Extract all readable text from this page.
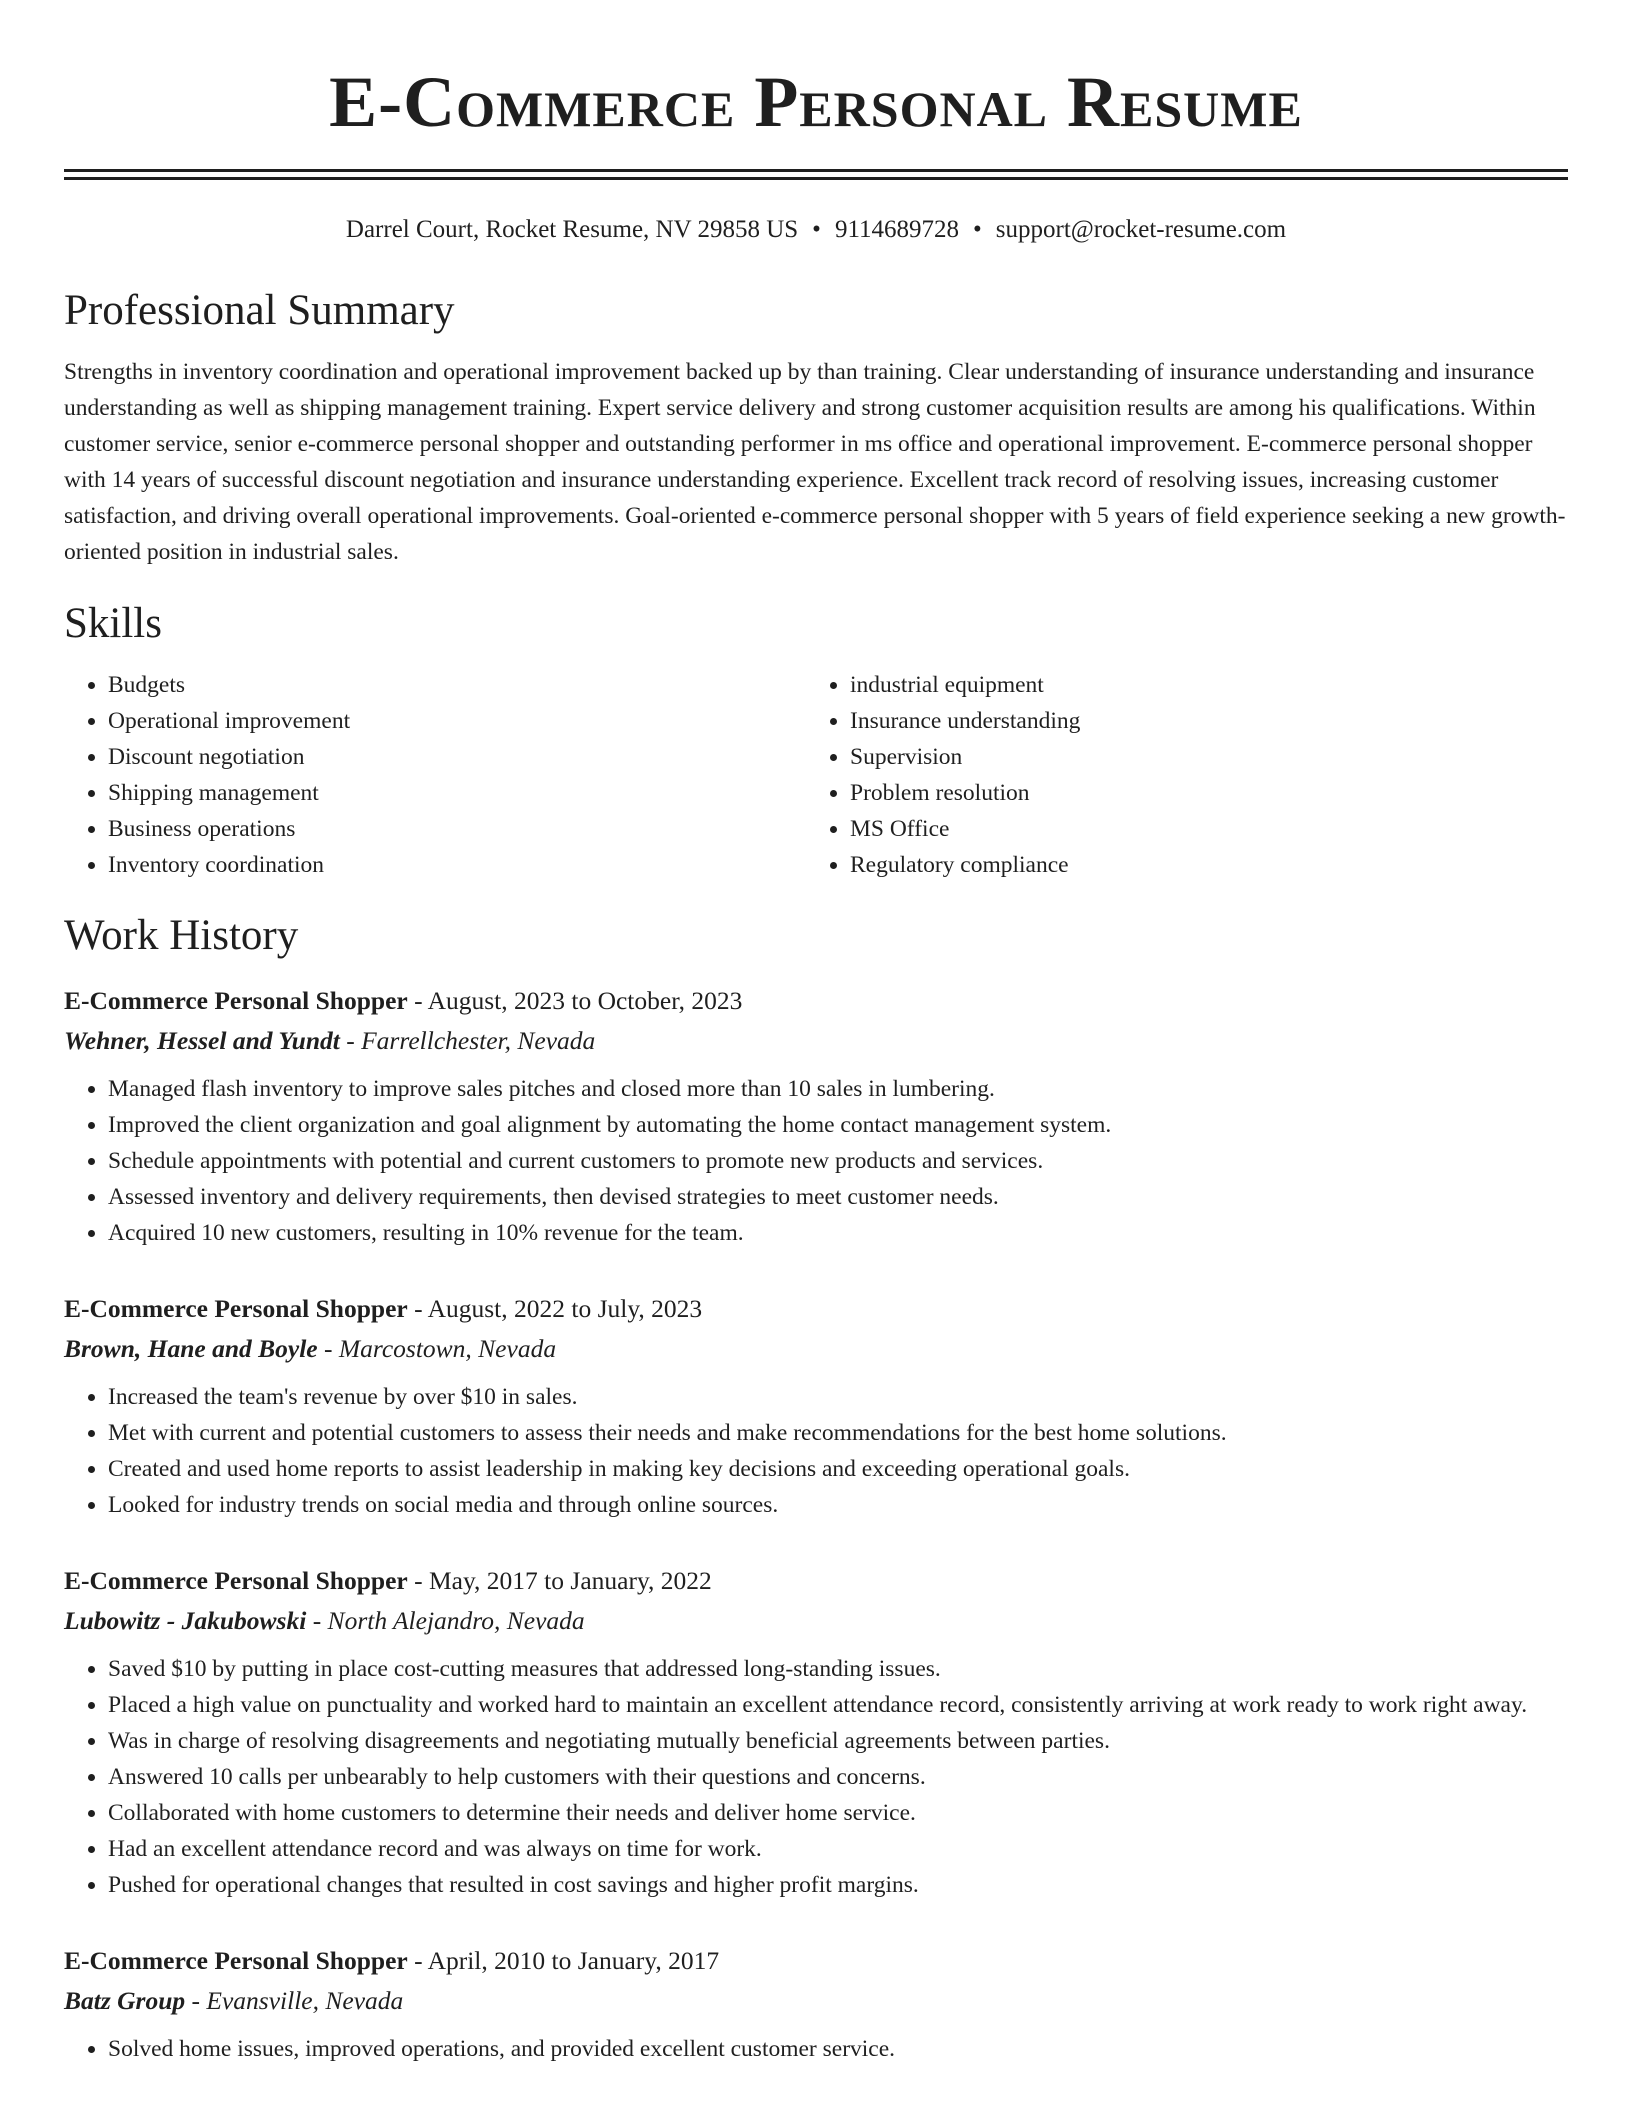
E-Commerce Personal Resume
Darrel Court, Rocket Resume, NV 29858 US • 9114689728 • support@rocket-resume.com
Professional Summary

Strengths in inventory coordination and operational improvement backed up by than training. Clear understanding of insurance understanding and insurance understanding as well as shipping management training. Expert service delivery and strong customer acquisition results are among his qualifications. Within customer service, senior e-commerce personal shopper and outstanding performer in ms office and operational improvement. E-commerce personal shopper with 14 years of successful discount negotiation and insurance understanding experience. Excellent track record of resolving issues, increasing customer satisfaction, and driving overall operational improvements. Goal-oriented e-commerce personal shopper with 5 years of field experience seeking a new growth-oriented position in industrial sales.

Skills
• Budgets
• Operational improvement
• Discount negotiation
• Shipping management
• Business operations
• Inventory coordination
• industrial equipment
• Insurance understanding
• Supervision
• Problem resolution
• MS Office
• Regulatory compliance
Work History
E-Commerce Personal Shopper - August, 2023 to October, 2023
Wehner, Hessel and Yundt - Farrellchester, Nevada
• Managed flash inventory to improve sales pitches and closed more than 10 sales in lumbering.
• Improved the client organization and goal alignment by automating the home contact management system.
• Schedule appointments with potential and current customers to promote new products and services.
• Assessed inventory and delivery requirements, then devised strategies to meet customer needs.
• Acquired 10 new customers, resulting in 10% revenue for the team.
E-Commerce Personal Shopper - August, 2022 to July, 2023
Brown, Hane and Boyle - Marcostown, Nevada
• Increased the team's revenue by over $10 in sales.
• Met with current and potential customers to assess their needs and make recommendations for the best home solutions.
• Created and used home reports to assist leadership in making key decisions and exceeding operational goals.
• Looked for industry trends on social media and through online sources.
E-Commerce Personal Shopper - May, 2017 to January, 2022
Lubowitz - Jakubowski - North Alejandro, Nevada
• Saved $10 by putting in place cost-cutting measures that addressed long-standing issues.
• Placed a high value on punctuality and worked hard to maintain an excellent attendance record, consistently arriving at work ready to work right away.
• Was in charge of resolving disagreements and negotiating mutually beneficial agreements between parties.
• Answered 10 calls per unbearably to help customers with their questions and concerns.
• Collaborated with home customers to determine their needs and deliver home service.
• Had an excellent attendance record and was always on time for work.
• Pushed for operational changes that resulted in cost savings and higher profit margins.
E-Commerce Personal Shopper - April, 2010 to January, 2017
Batz Group - Evansville, Nevada
• Solved home issues, improved operations, and provided excellent customer service.
